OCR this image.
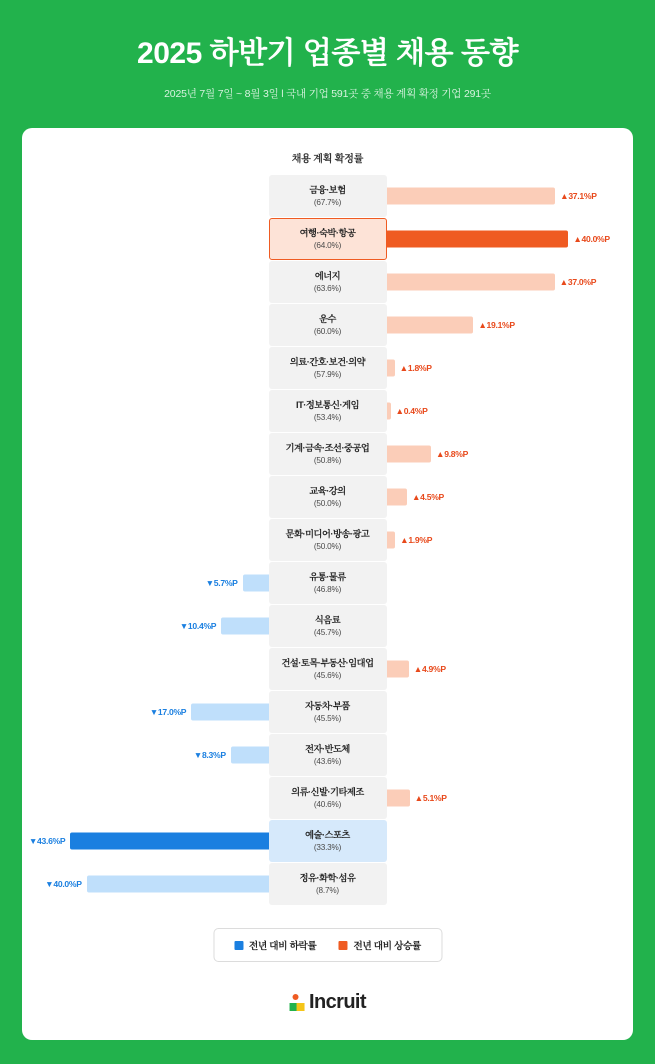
2025 하반기 업종별 채용 동향
2025년 7월 7일 ~ 8월 3일 l 국내 기업 591곳 중 채용 계획 확정 기업 291곳
채용 계획 확정률
▲37.1%P
금융·보험
(67.7%)
▲40.0%P
여행·숙박·항공
(64.0%)
▲37.0%P
에너지
(63.6%)
▲19.1%P
운수
(60.0%)
▲1.8%P
의료·간호·보건·의약
(57.9%)
▲0.4%P
IT·정보통신·게임
(53.4%)
▲9.8%P
기계·금속·조선·중공업
(50.8%)
▲4.5%P
교육·강의
(50.0%)
▲1.9%P
문화·미디어·방송·광고
(50.0%)
▼5.7%P
유통·물류
(46.8%)
▼10.4%P
식음료
(45.7%)
▲4.9%P
건설·토목·부동산·임대업
(45.6%)
▼17.0%P
자동차·부품
(45.5%)
▼8.3%P
전자·반도체
(43.6%)
▲5.1%P
의류·신발·기타제조
(40.6%)
▼43.6%P
예술·스포츠
(33.3%)
▼40.0%P
정유·화학·섬유
(8.7%)
전년 대비 하락률	전년 대비 상승률
Incruit
